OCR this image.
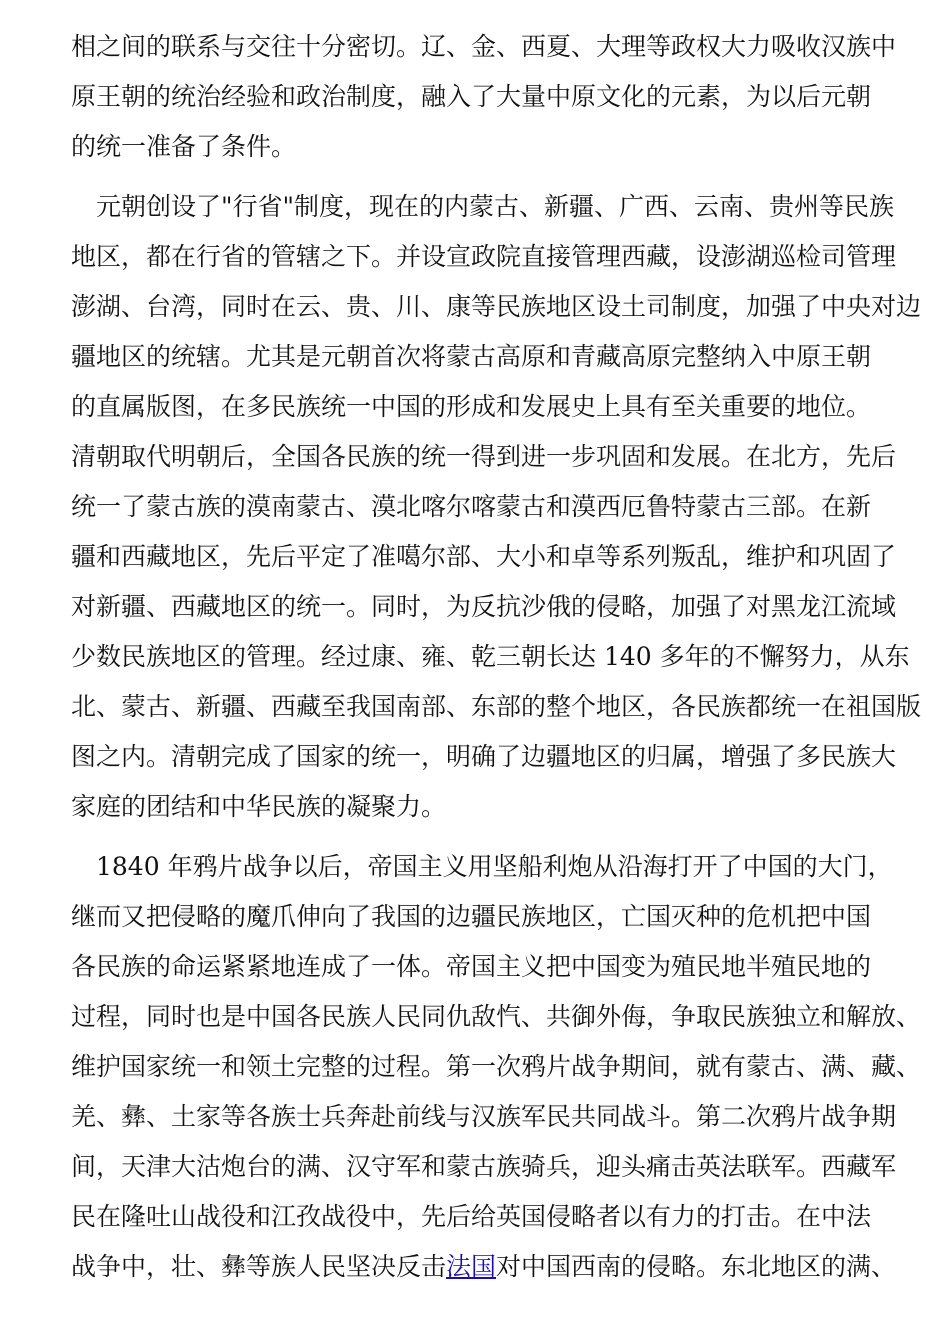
相之间的联系与交往十分密切。辽、金、西夏、大理等政权大力吸收汉族中
原王朝的统治经验和政治制度，融入了大量中原文化的元素，为以后元朝
的统一准备了条件。
　元朝创设了"行省"制度，现在的内蒙古、新疆、广西、云南、贵州等民族
地区，都在行省的管辖之下。并设宣政院直接管理西藏，设澎湖巡检司管理
澎湖、台湾，同时在云、贵、川、康等民族地区设土司制度，加强了中央对边
疆地区的统辖。尤其是元朝首次将蒙古高原和青藏高原完整纳入中原王朝
的直属版图，在多民族统一中国的形成和发展史上具有至关重要的地位。
清朝取代明朝后，全国各民族的统一得到进一步巩固和发展。在北方，先后
统一了蒙古族的漠南蒙古、漠北喀尔喀蒙古和漠西厄鲁特蒙古三部。在新
疆和西藏地区，先后平定了准噶尔部、大小和卓等系列叛乱，维护和巩固了
对新疆、西藏地区的统一。同时，为反抗沙俄的侵略，加强了对黑龙江流域
少数民族地区的管理。经过康、雍、乾三朝长达 140 多年的不懈努力，从东
北、蒙古、新疆、西藏至我国南部、东部的整个地区，各民族都统一在祖国版
图之内。清朝完成了国家的统一，明确了边疆地区的归属，增强了多民族大
家庭的团结和中华民族的凝聚力。
　1840 年鸦片战争以后，帝国主义用坚船利炮从沿海打开了中国的大门，
继而又把侵略的魔爪伸向了我国的边疆民族地区，亡国灭种的危机把中国
各民族的命运紧紧地连成了一体。帝国主义把中国变为殖民地半殖民地的
过程，同时也是中国各民族人民同仇敌忾、共御外侮，争取民族独立和解放、
维护国家统一和领土完整的过程。第一次鸦片战争期间，就有蒙古、满、藏、
羌、彝、土家等各族士兵奔赴前线与汉族军民共同战斗。第二次鸦片战争期
间，天津大沽炮台的满、汉守军和蒙古族骑兵，迎头痛击英法联军。西藏军
民在隆吐山战役和江孜战役中，先后给英国侵略者以有力的打击。在中法
战争中，壮、彝等族人民坚决反击法国对中国西南的侵略。东北地区的满、
